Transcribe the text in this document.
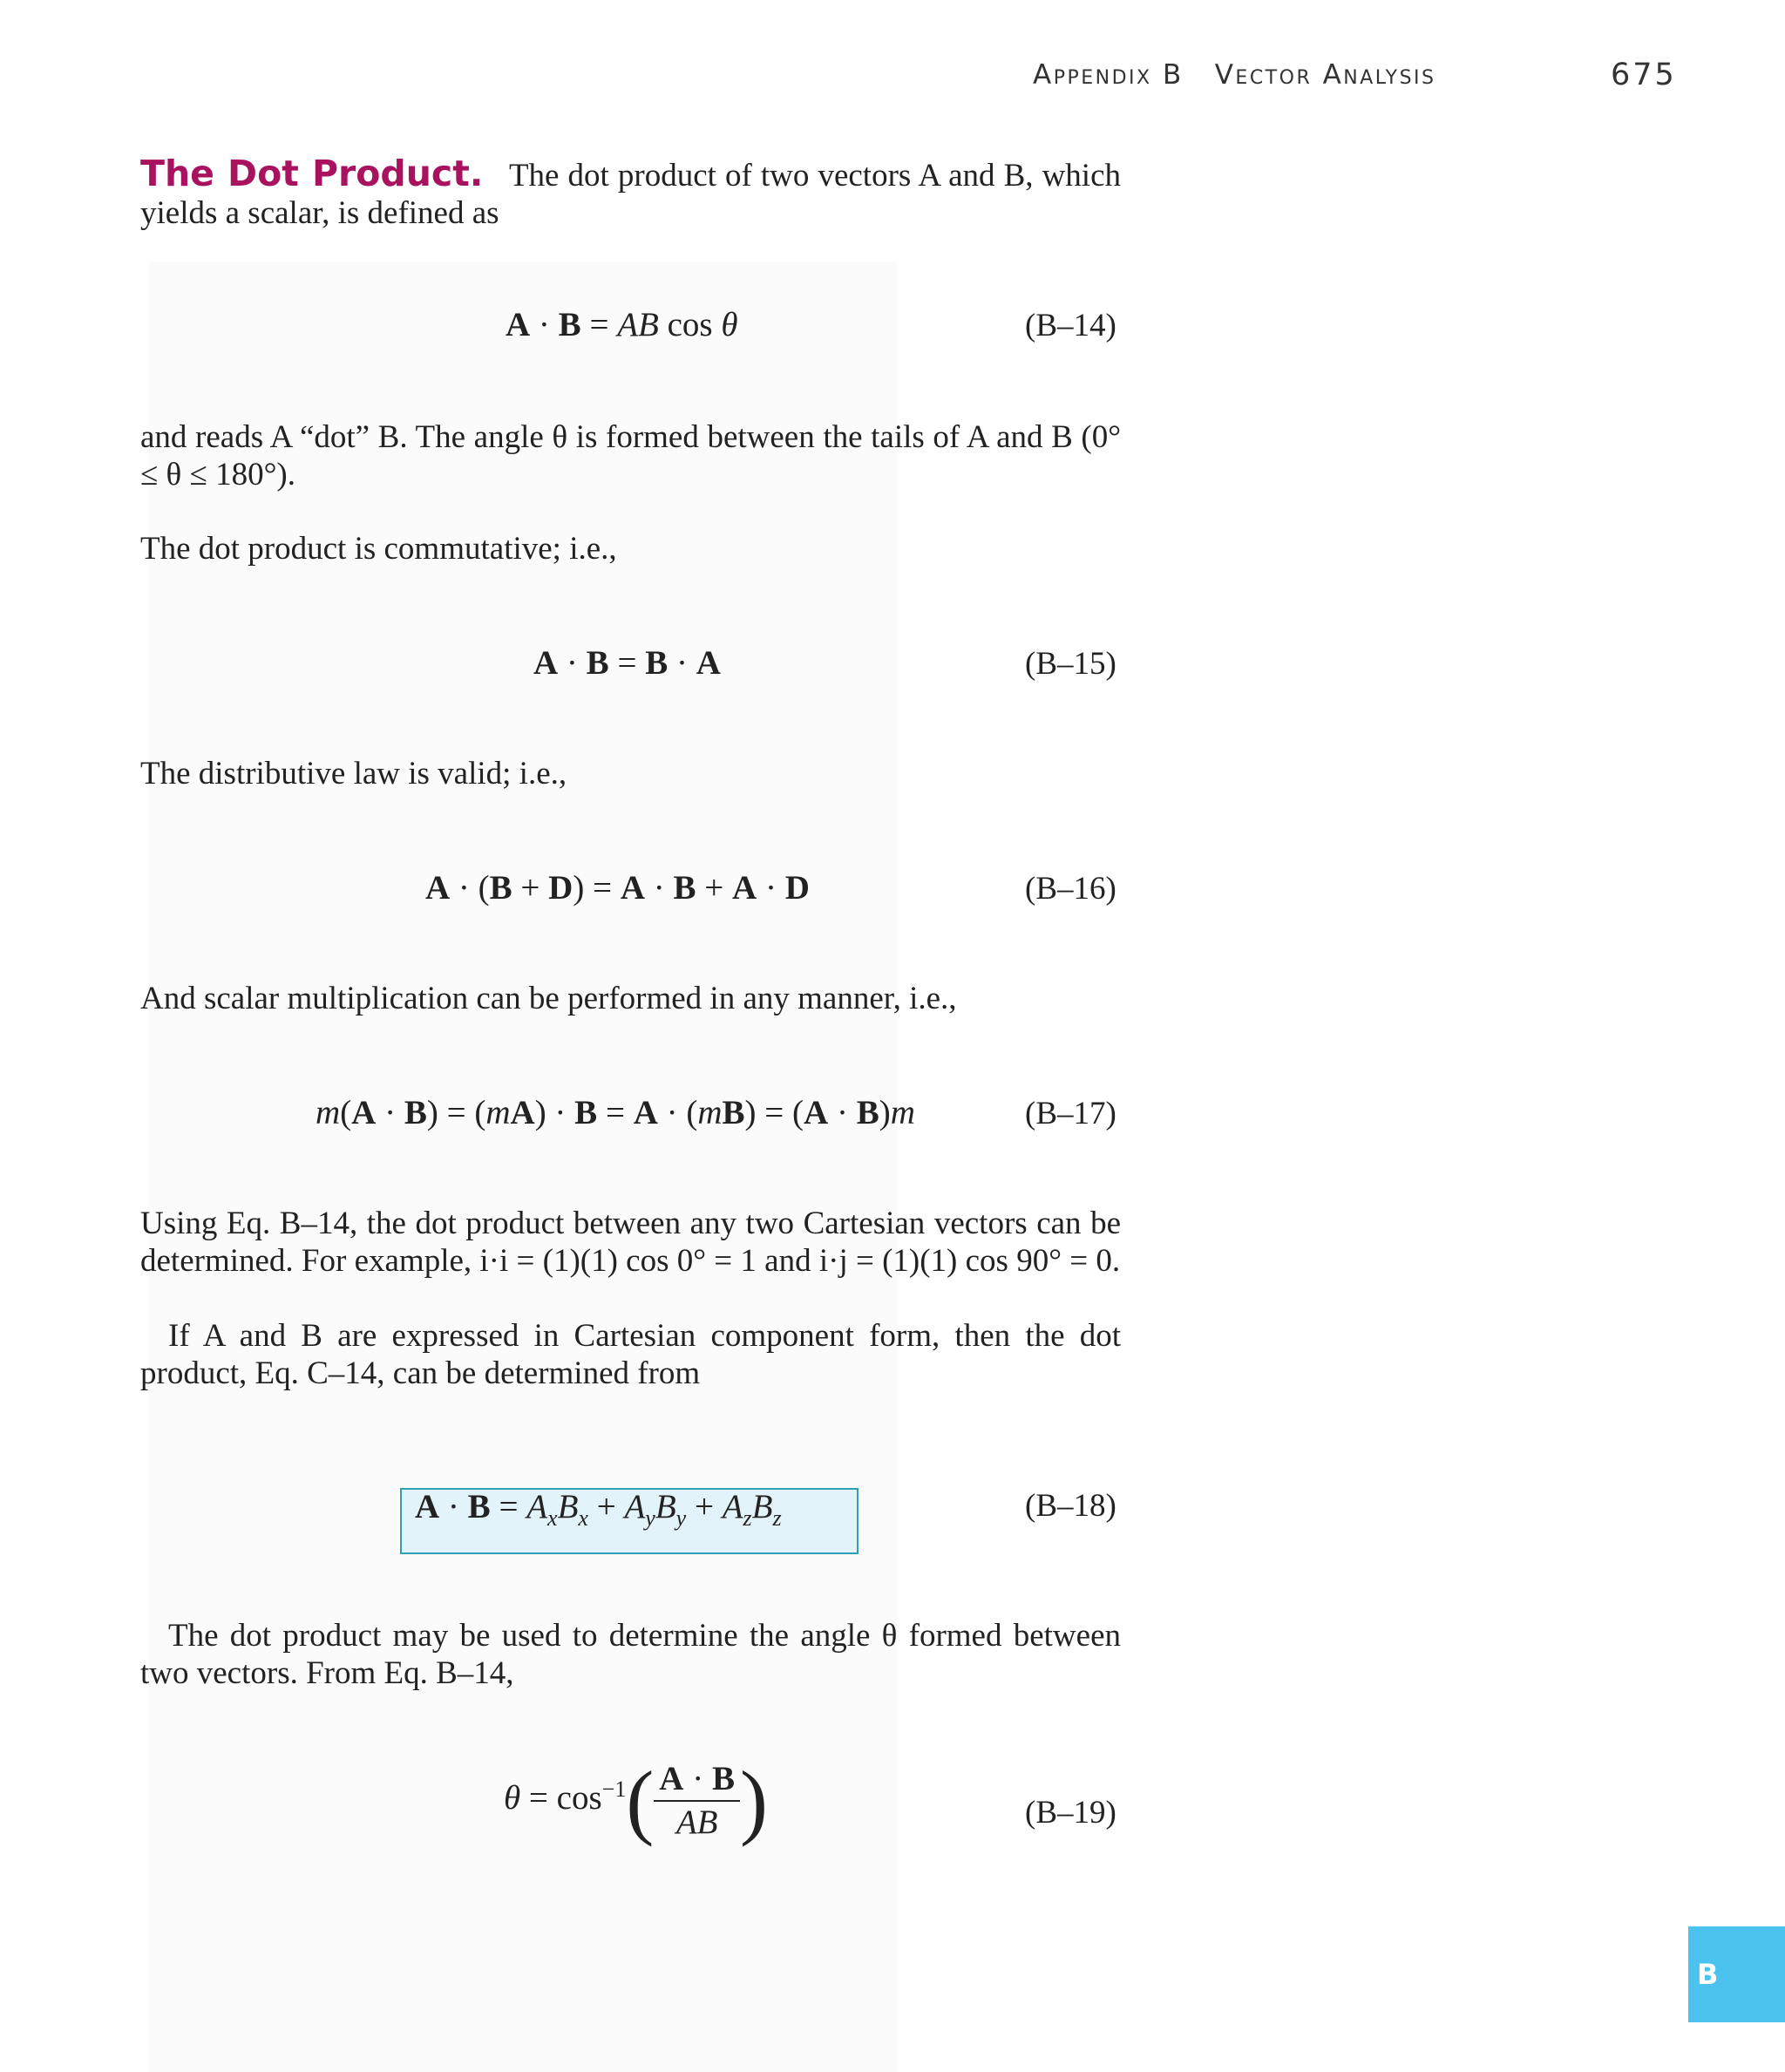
Appendix B Vector Analysis	675

The Dot Product. The dot product of two vectors A and B, which yields a scalar, is defined as

A · B = AB cos θ	(B–14)

and reads A “dot” B. The angle θ is formed between the tails of A and B (0° ≤ θ ≤ 180°).

The dot product is commutative; i.e.,

A · B = B · A	(B–15)

The distributive law is valid; i.e.,

A · (B + D) = A · B + A · D	(B–16)

And scalar multiplication can be performed in any manner, i.e.,

m(A · B) = (mA) · B = A · (mB) = (A · B)m	(B–17)

Using Eq. B–14, the dot product between any two Cartesian vectors can be determined. For example, i·i = (1)(1) cos 0° = 1 and i·j = (1)(1) cos 90° = 0.

If A and B are expressed in Cartesian component form, then the dot product, Eq. C–14, can be determined from

$A \cdot B = A_xB_x + A_yB_y + A_zB_z$	(B–18)

The dot product may be used to determine the angle θ formed between two vectors. From Eq. B–14,

$\theta = \cos^{-1}( \frac{A \cdot B}{AB}$ )	(B–19)
B
